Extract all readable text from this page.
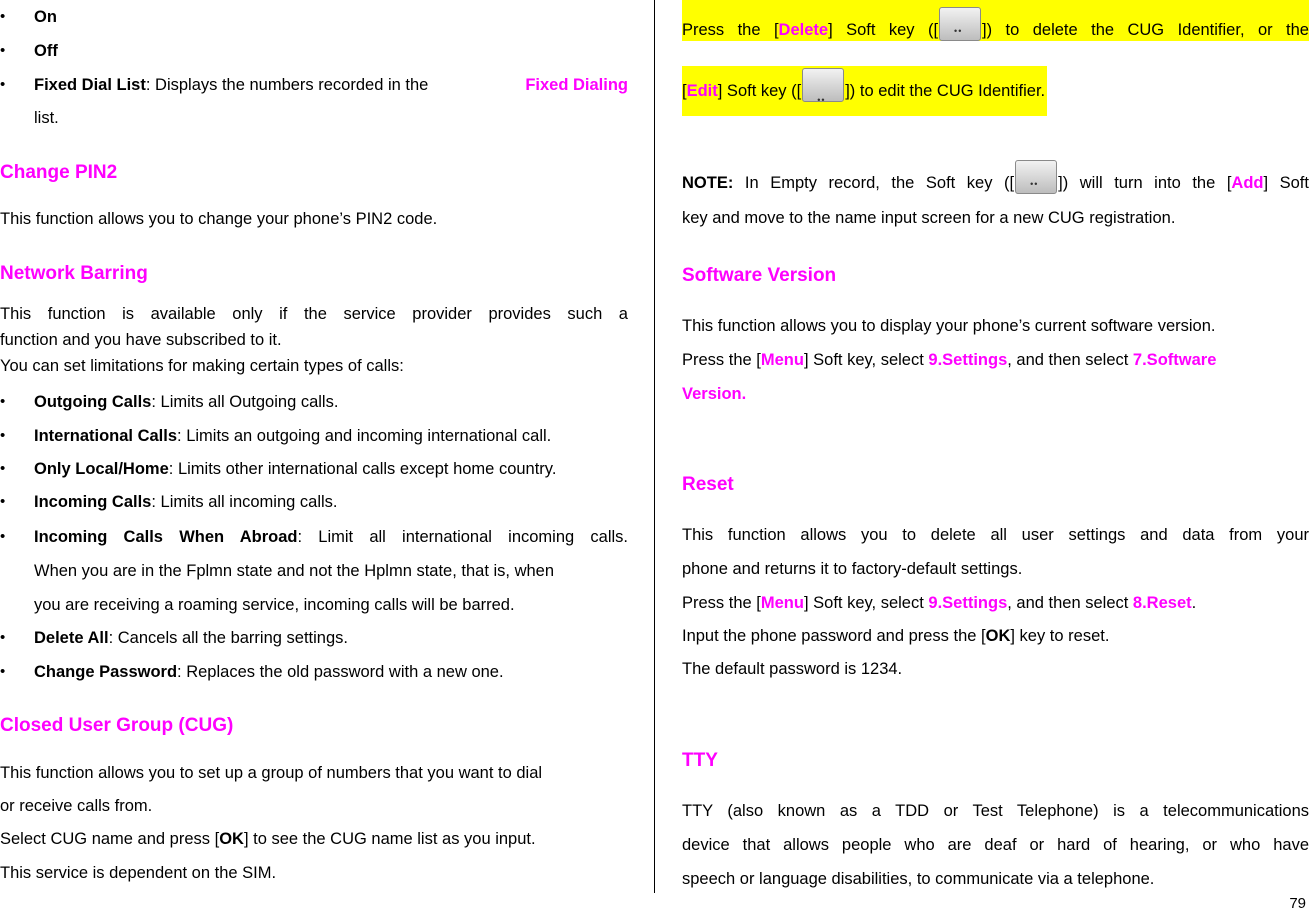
• On
• Off
• Fixed Dial List: Displays the numbers recorded in the	Fixed Dialing

list.
Change PIN2
This function allows you to change your phone’s PIN2 code.
Network Barring
This function is available only if the service provider provides such a
function and you have subscribed to it.
You can set limitations for making certain types of calls:
• Outgoing Calls: Limits all Outgoing calls.
• International Calls: Limits an outgoing and incoming international call.
• Only Local/Home: Limits other international calls except home country.
• Incoming Calls: Limits all incoming calls.
• Incoming Calls When Abroad: Limit all international incoming calls.
When you are in the Fplmn state and not the Hplmn state, that is, when
you are receiving a roaming service, incoming calls will be barred.
• Delete All: Cancels all the barring settings.
• Change Password: Replaces the old password with a new one.
Closed User Group (CUG)
This function allows you to set up a group of numbers that you want to dial
or receive calls from.
Select CUG name and press [OK] to see the CUG name list as you input.
This service is dependent on the SIM.
Press the [Delete] Soft key ([ ••	]) to delete the CUG Identifier, or the
[Edit] Soft key ([ ••	]) to edit the CUG Identifier.
NOTE: In Empty record, the Soft key ([ ••	]) will turn into the [Add] Soft
key and move to the name input screen for a new CUG registration.
Software Version
This function allows you to display your phone’s current software version.
Press the [Menu] Soft key, select 9.Settings, and then select 7.Software
Version.
Reset
This function allows you to delete all user settings and data from your
phone and returns it to factory-default settings.
Press the [Menu] Soft key, select 9.Settings, and then select 8.Reset.
Input the phone password and press the [OK] key to reset.
The default password is 1234.
TTY
TTY (also known as a TDD or Test Telephone) is a telecommunications
device that allows people who are deaf or hard of hearing, or who have
speech or language disabilities, to communicate via a telephone.
79
